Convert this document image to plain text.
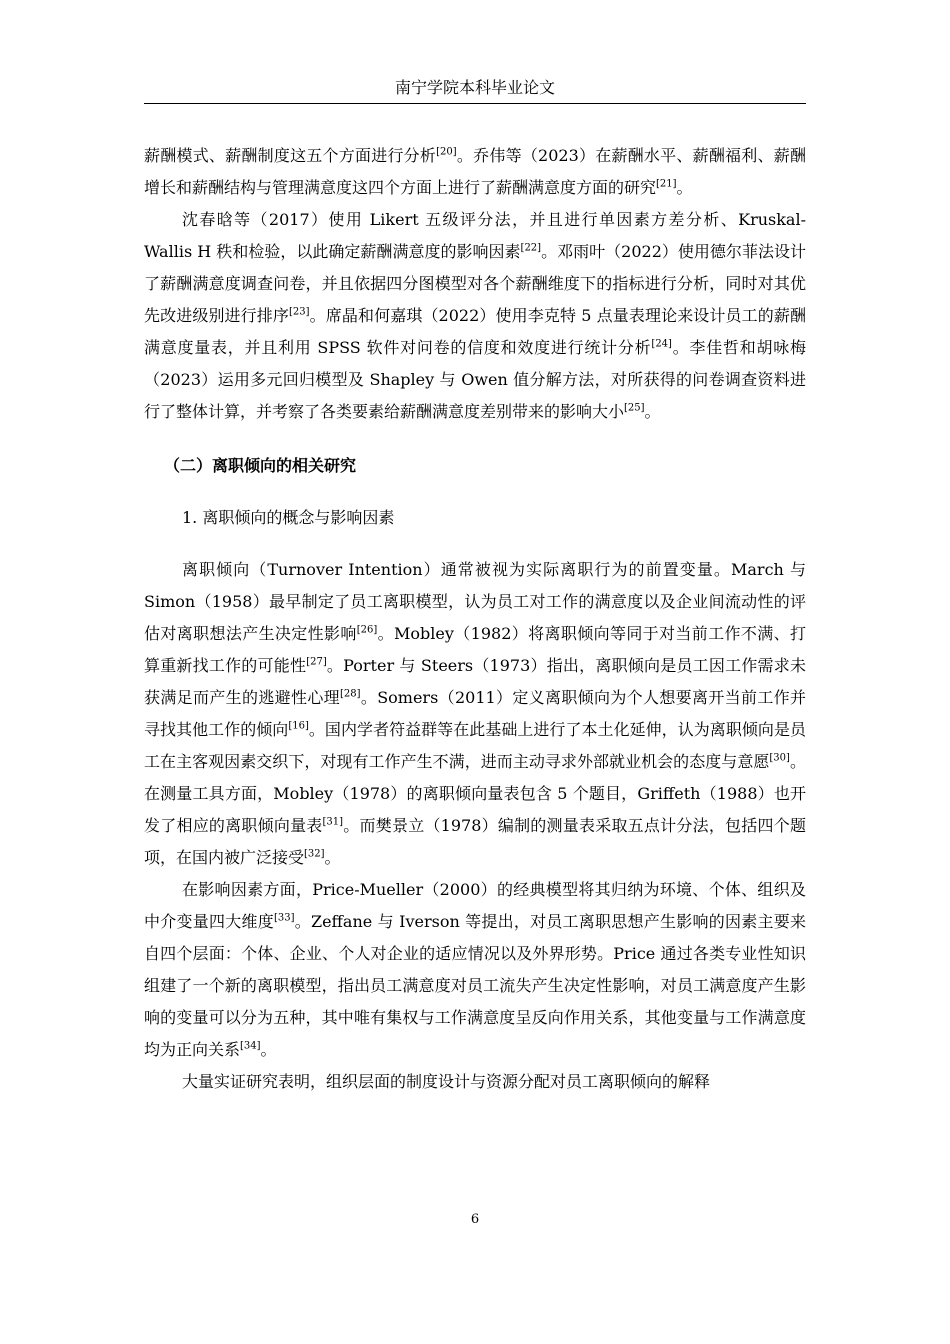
南宁学院本科毕业论文

薪酬模式、薪酬制度这五个方面进行分析[20]。乔伟等（2023）在薪酬水平、薪酬福利、薪酬增长和薪酬结构与管理满意度这四个方面上进行了薪酬满意度方面的研究[21]。

沈春晗等（2017）使用 Likert 五级评分法，并且进行单因素方差分析、Kruskal-Wallis H 秩和检验，以此确定薪酬满意度的影响因素[22]。邓雨叶（2022）使用德尔菲法设计了薪酬满意度调查问卷，并且依据四分图模型对各个薪酬维度下的指标进行分析，同时对其优先改进级别进行排序[23]。席晶和何嘉琪（2022）使用李克特 5 点量表理论来设计员工的薪酬满意度量表，并且利用 SPSS 软件对问卷的信度和效度进行统计分析[24]。李佳哲和胡咏梅（2023）运用多元回归模型及 Shapley 与 Owen 值分解方法，对所获得的问卷调查资料进行了整体计算，并考察了各类要素给薪酬满意度差别带来的影响大小[25]。

（二）离职倾向的相关研究

1. 离职倾向的概念与影响因素

离职倾向（Turnover Intention）通常被视为实际离职行为的前置变量。March 与 Simon（1958）最早制定了员工离职模型，认为员工对工作的满意度以及企业间流动性的评估对离职想法产生决定性影响[26]。Mobley（1982）将离职倾向等同于对当前工作不满、打算重新找工作的可能性[27]。Porter 与 Steers（1973）指出，离职倾向是员工因工作需求未获满足而产生的逃避性心理[28]。Somers（2011）定义离职倾向为个人想要离开当前工作并寻找其他工作的倾向[16]。国内学者符益群等在此基础上进行了本土化延伸，认为离职倾向是员工在主客观因素交织下，对现有工作产生不满，进而主动寻求外部就业机会的态度与意愿[30]。在测量工具方面，Mobley（1978）的离职倾向量表包含 5 个题目，Griffeth（1988）也开发了相应的离职倾向量表[31]。而樊景立（1978）编制的测量表采取五点计分法，包括四个题项，在国内被广泛接受[32]。

在影响因素方面，Price-Mueller（2000）的经典模型将其归纳为环境、个体、组织及中介变量四大维度[33]。Zeffane 与 Iverson 等提出，对员工离职思想产生影响的因素主要来自四个层面：个体、企业、个人对企业的适应情况以及外界形势。Price 通过各类专业性知识组建了一个新的离职模型，指出员工满意度对员工流失产生决定性影响，对员工满意度产生影响的变量可以分为五种，其中唯有集权与工作满意度呈反向作用关系，其他变量与工作满意度均为正向关系[34]。

大量实证研究表明，组织层面的制度设计与资源分配对员工离职倾向的解释

6
